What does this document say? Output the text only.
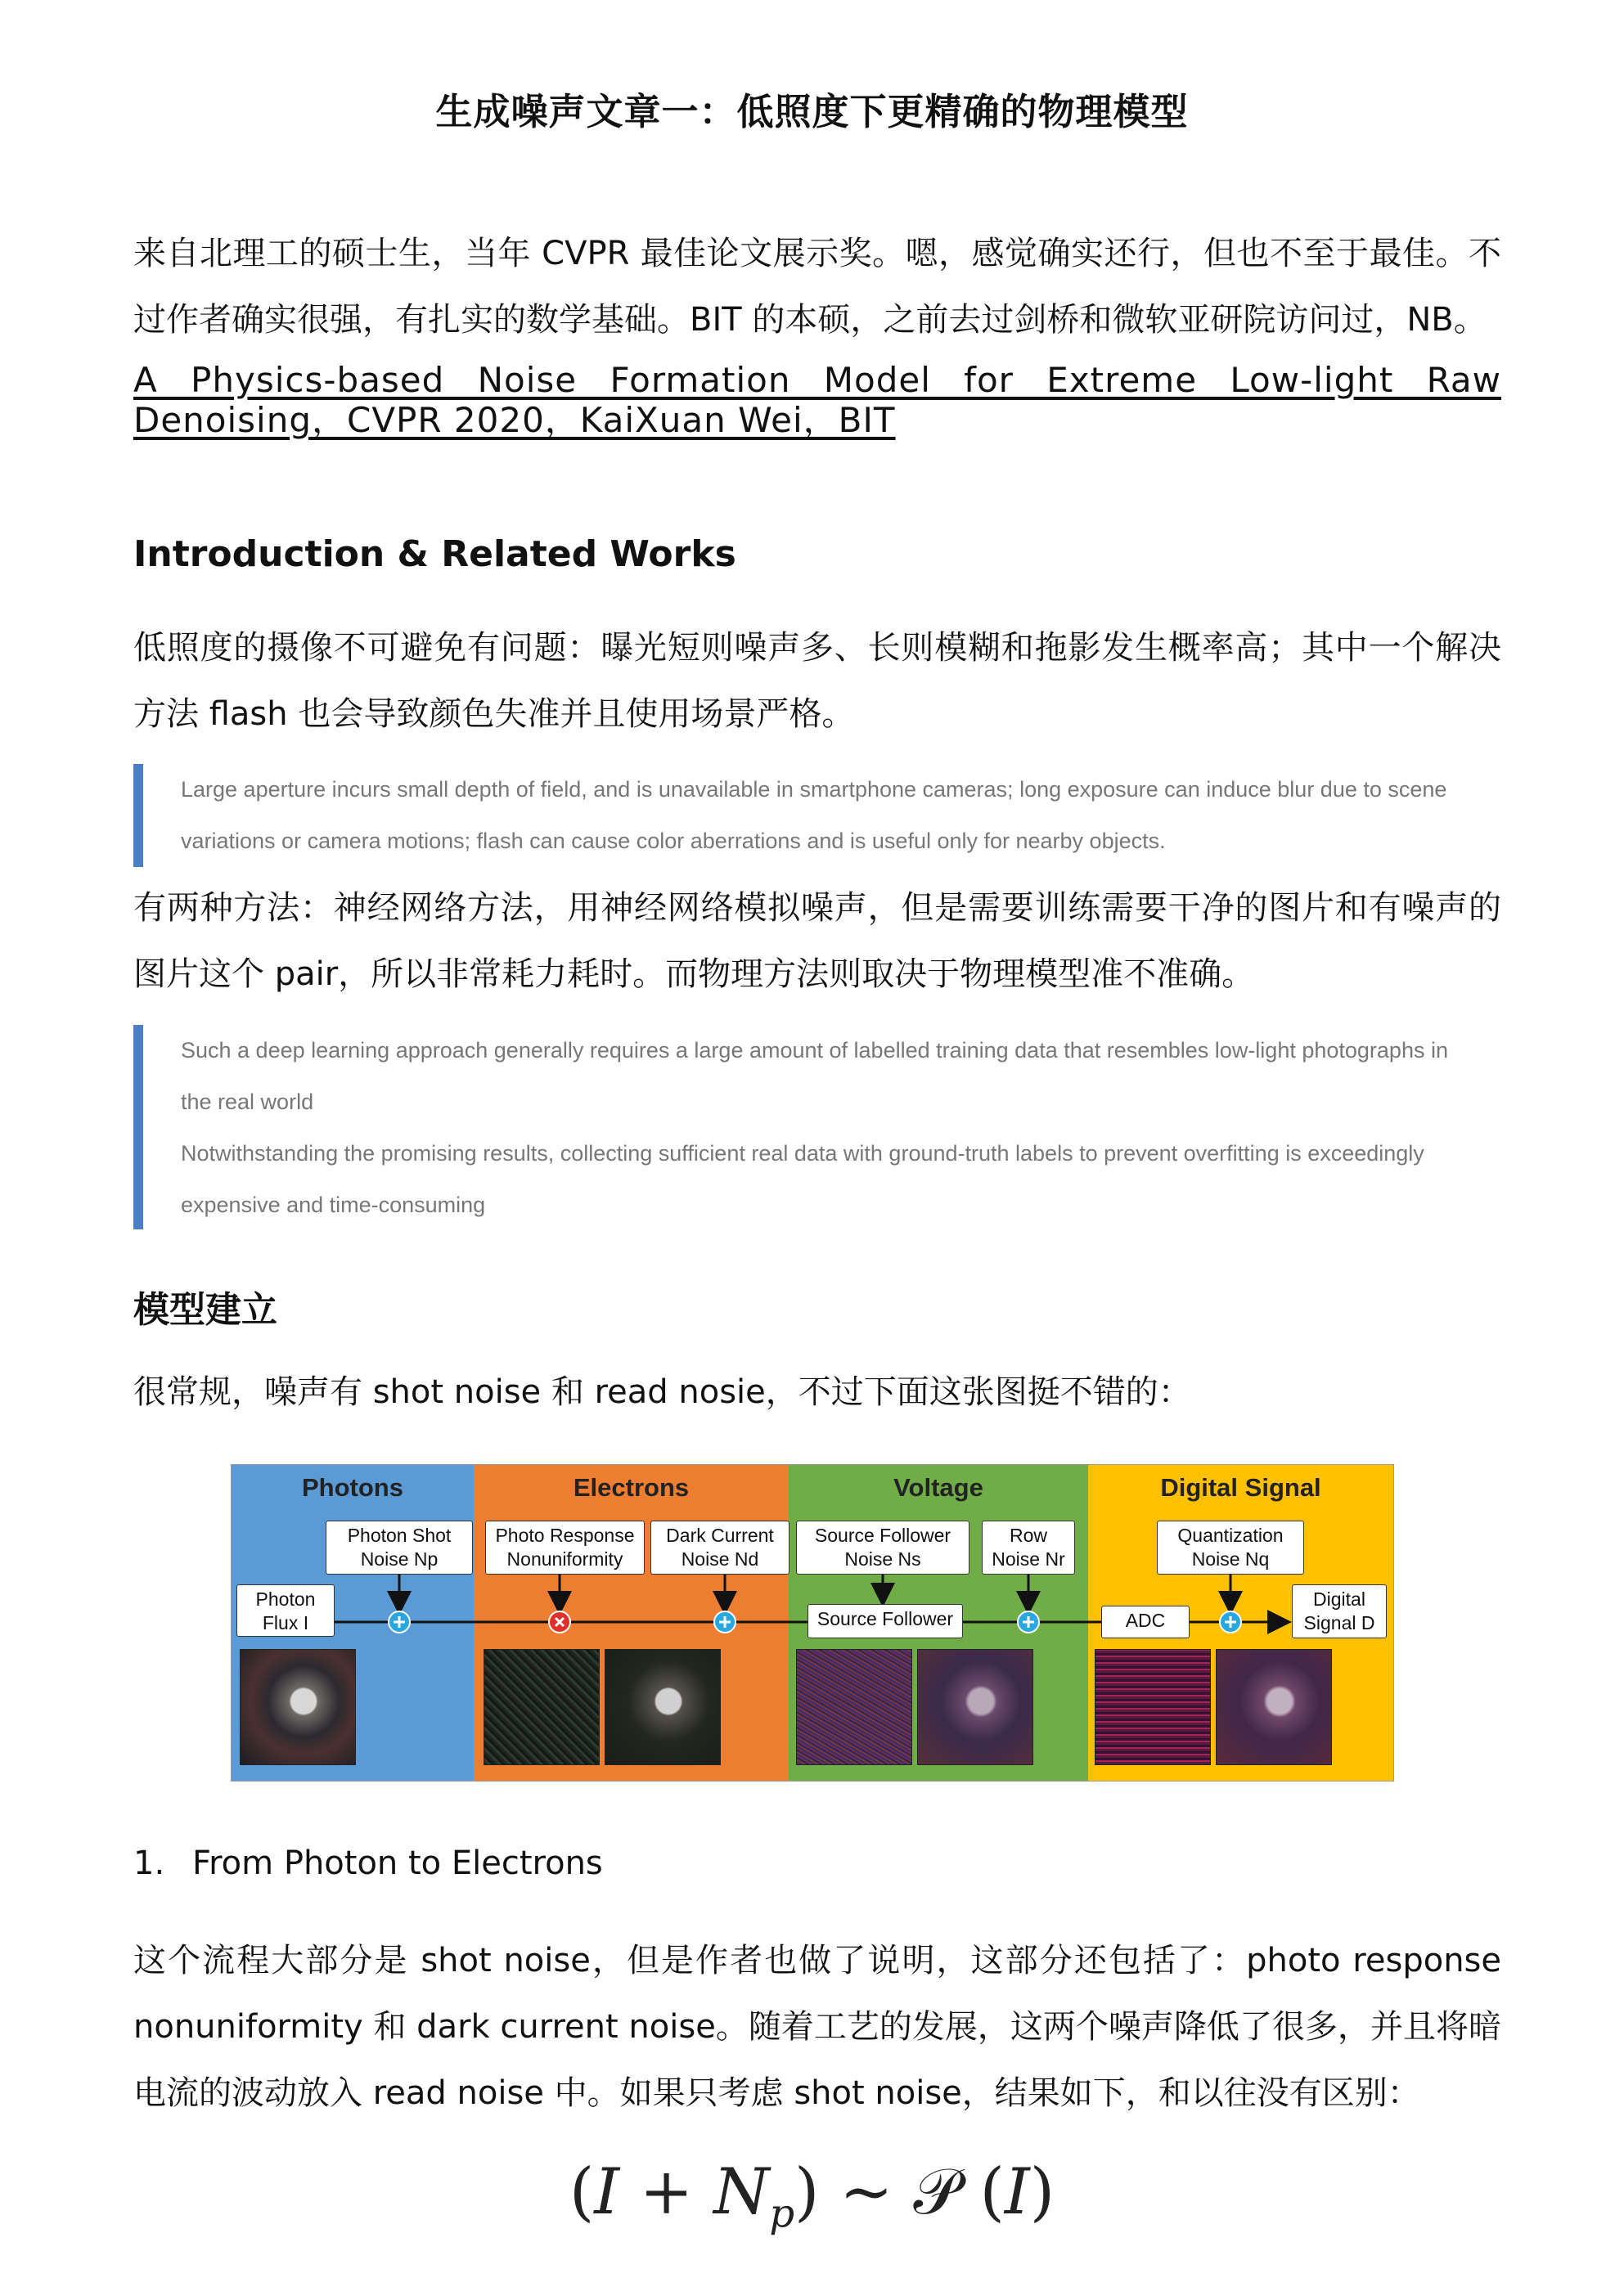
生成噪声文章一：低照度下更精确的物理模型
来自北理工的硕士生，当年 CVPR 最佳论文展示奖。嗯，感觉确实还行，但也不至于最佳。不过作者确实很强，有扎实的数学基础。BIT 的本硕，之前去过剑桥和微软亚研院访问过，NB。
A Physics-based Noise Formation Model for Extreme Low-light Raw Denoising，CVPR 2020，KaiXuan Wei，BIT
Introduction & Related Works
低照度的摄像不可避免有问题：曝光短则噪声多、长则模糊和拖影发生概率高；其中一个解决方法 flash 也会导致颜色失准并且使用场景严格。

Large aperture incurs small depth of field, and is unavailable in smartphone cameras; long exposure can induce blur due to scene

variations or camera motions; flash can cause color aberrations and is useful only for nearby objects.

有两种方法：神经网络方法，用神经网络模拟噪声，但是需要训练需要干净的图片和有噪声的图片这个 pair，所以非常耗力耗时。而物理方法则取决于物理模型准不准确。

Such a deep learning approach generally requires a large amount of labelled training data that resembles low-light photographs in

the real world

Notwithstanding the promising results, collecting sufficient real data with ground-truth labels to prevent overfitting is exceedingly

expensive and time-consuming

模型建立
很常规，噪声有 shot noise 和 read nosie，不过下面这张图挺不错的：
Photons	Electrons	Voltage	Digital Signal
Photon
Flux I
Photon Shot
Noise Np
Photo Response
Nonuniformity
Dark Current
Noise Nd
Source Follower
Noise Ns
Row
Noise Nr
Source Follower
Quantization
Noise Nq
ADC
Digital
Signal D
1. From Photon to Electrons
这个流程大部分是 shot noise，但是作者也做了说明，这部分还包括了：photo response nonuniformity 和 dark current noise。随着工艺的发展，这两个噪声降低了很多，并且将暗电流的波动放入 read noise 中。如果只考虑 shot noise，结果如下，和以往没有区别：
$(I + N_p)$ ~ 𝒫 (I)
